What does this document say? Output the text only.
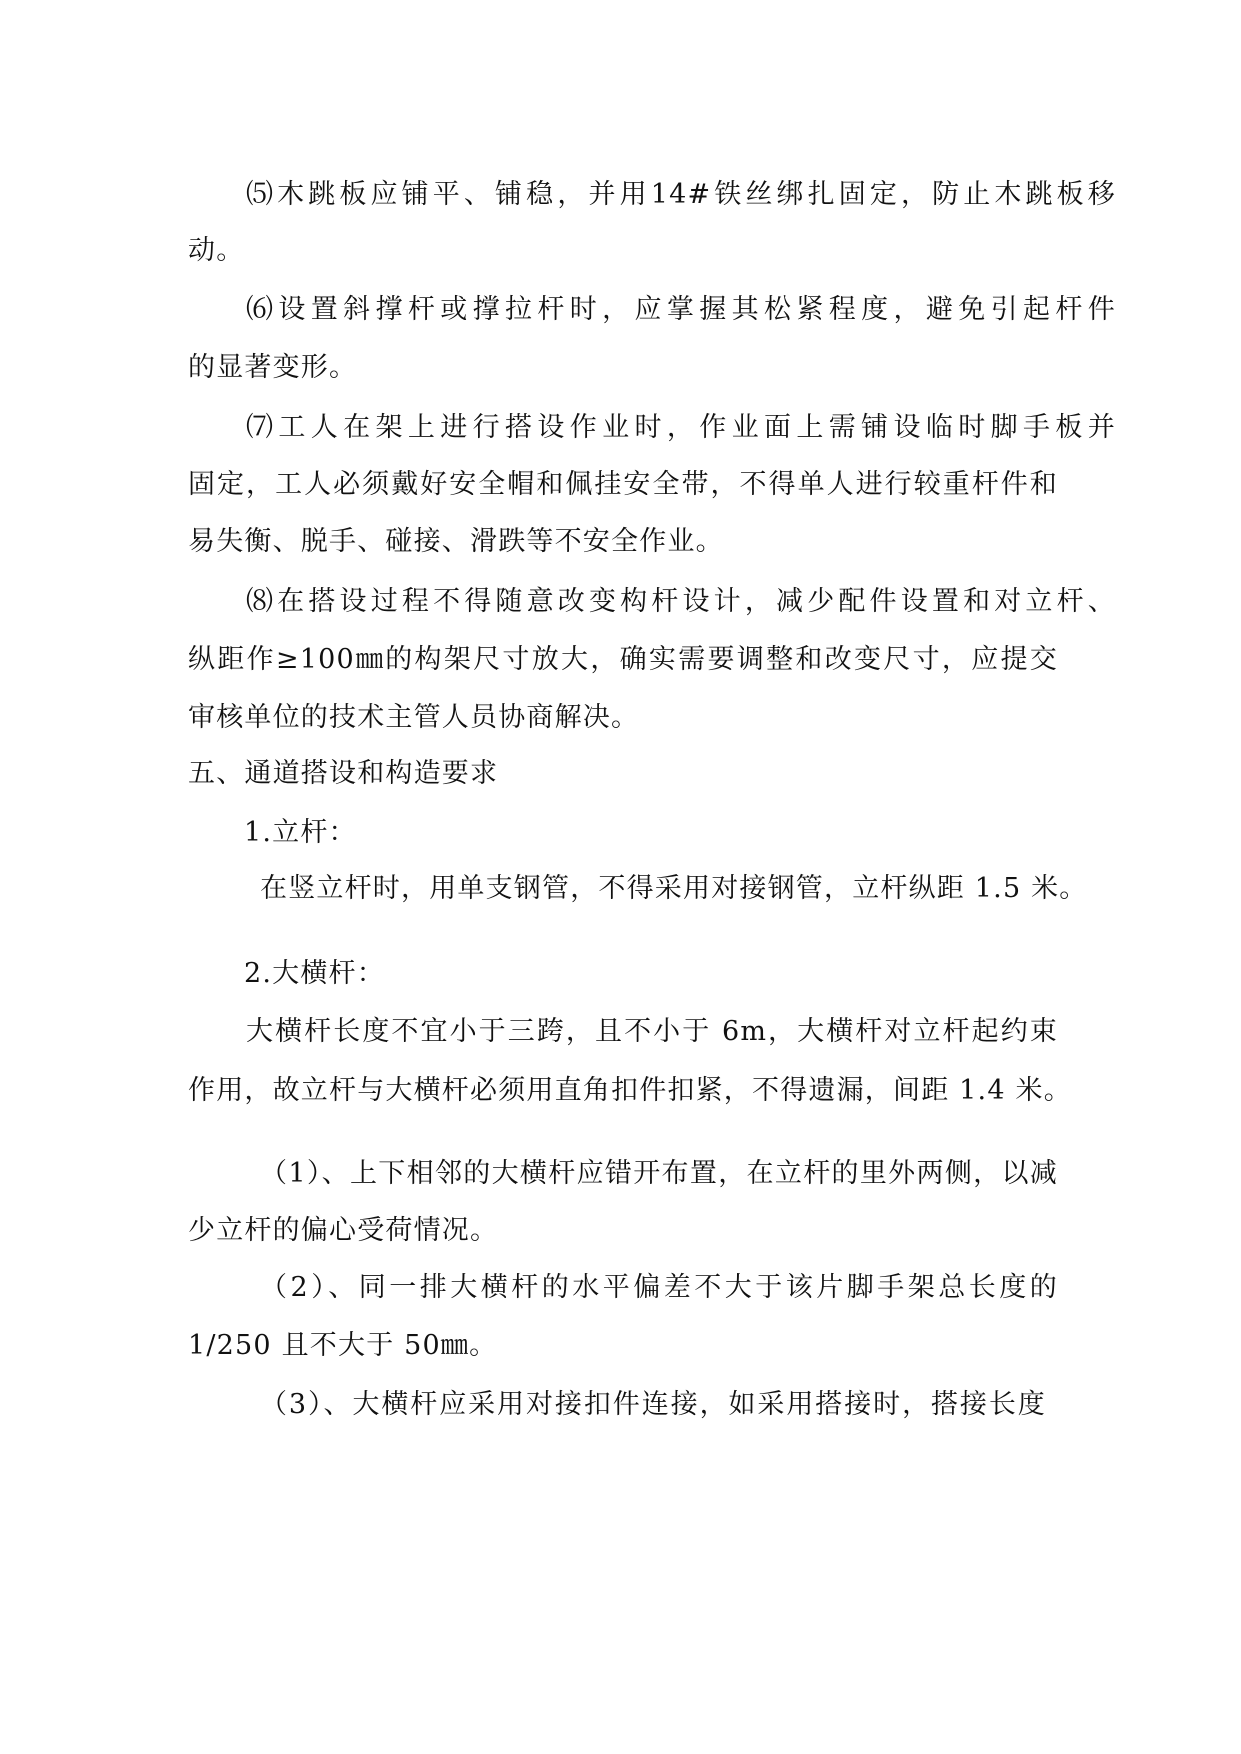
⑸木跳板应铺平、铺稳，并用14#铁丝绑扎固定，防止木跳板移
动。
⑹设置斜撑杆或撑拉杆时，应掌握其松紧程度，避免引起杆件
的显著变形。
⑺工人在架上进行搭设作业时，作业面上需铺设临时脚手板并
固定，工人必须戴好安全帽和佩挂安全带，不得单人进行较重杆件和
易失衡、脱手、碰接、滑跌等不安全作业。
⑻在搭设过程不得随意改变构杆设计，减少配件设置和对立杆、
纵距作≥100㎜的构架尺寸放大，确实需要调整和改变尺寸，应提交
审核单位的技术主管人员协商解决。
五、通道搭设和构造要求
1.立杆：
在竖立杆时，用单支钢管，不得采用对接钢管，立杆纵距 1.5 米。
2.大横杆：
大横杆长度不宜小于三跨，且不小于 6m，大横杆对立杆起约束
作用，故立杆与大横杆必须用直角扣件扣紧，不得遗漏，间距 1.4 米。
（1）、上下相邻的大横杆应错开布置，在立杆的里外两侧，以减
少立杆的偏心受荷情况。
（2）、同一排大横杆的水平偏差不大于该片脚手架总长度的
1/250 且不大于 50㎜。
（3）、大横杆应采用对接扣件连接，如采用搭接时，搭接长度
